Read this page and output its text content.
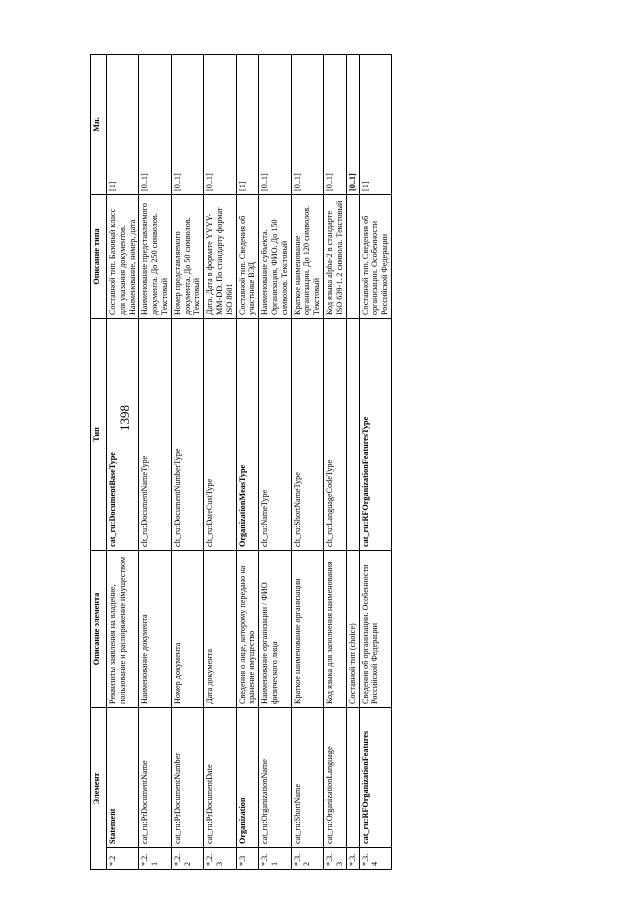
1398
Элемент		Описание элемента	Тип	Описание типа	Мн.
*.2	Statement	Реквизиты заявления на владение, пользование и распоряжение имуществом	cat_ru:DocumentBaseType	Составной тип. Базовый класс для указания документов. Наименование, номер, дата	[1]
*.2.1	cat_ru:PrDocumentName	Наименование документа	clt_ru:DocumentNameType	Наименование представляемого документа. До 250 символов. Текстовый	[0..1]
*.2.2	cat_ru:PrDocumentNumber	Номер документа	clt_ru:DocumentNumberType	Номер представляемого документа. До 50 символов. Текстовый	[0..1]
*.2.3	cat_ru:PrDocumentDate	Дата документа	clt_ru:DateCustType	Дата. Дата в формате YYYY-MM-DD. По стандарту формат ISO 8601	[0..1]
*.3	Organization	Сведения о лице, которому передано на хранение имущество	OrganizationMeasType	Составной тип. Сведения об участнике ВЭД	[1]
*.3.1	cat_ru:OrganizationName	Наименование организации / ФИО физического лица	clt_ru:NameType	Наименование субъекта. Организация, ФИО. До 150 символов. Текстовый	[0..1]
*.3.2	cat_ru:ShortName	Краткое наименование организации	clt_ru:ShortNameType	Краткое наименование организации. До 120 символов. Текстовый	[0..1]
*.3.3	cat_ru:OrganizationLanguage	Код языка для заполнения наименования	clt_ru:LanguageCodeType	Код языка alpha-2 в стандарте ISO 639-1. 2 символа. Текстовый	[0..1]
*.3.		Составной тип (choice)			[0..1]
*.3.4	cat_ru:RFOrganizationFeatures	Сведения об организации. Особенности Российской Федерации	cat_ru:RFOrganizationFeaturesType	Составной тип. Сведения об организации. Особенности Российской Федерации	[1]
